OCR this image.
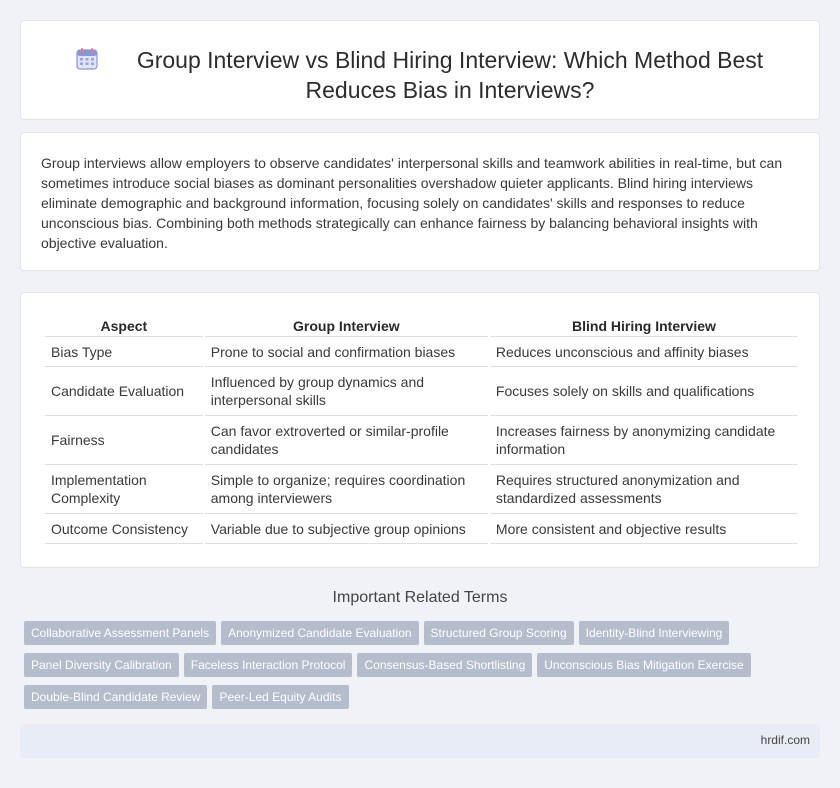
Group Interview vs Blind Hiring Interview: Which Method Best Reduces Bias in Interviews?

Group interviews allow employers to observe candidates' interpersonal skills and teamwork abilities in real-time, but can sometimes introduce social biases as dominant personalities overshadow quieter applicants. Blind hiring interviews eliminate demographic and background information, focusing solely on candidates' skills and responses to reduce unconscious bias. Combining both methods strategically can enhance fairness by balancing behavioral insights with objective evaluation.

Aspect	Group Interview	Blind Hiring Interview
Bias Type	Prone to social and confirmation biases	Reduces unconscious and affinity biases
Candidate Evaluation	Influenced by group dynamics and interpersonal skills	Focuses solely on skills and qualifications
Fairness	Can favor extroverted or similar-profile candidates	Increases fairness by anonymizing candidate information
Implementation Complexity	Simple to organize; requires coordination among interviewers	Requires structured anonymization and standardized assessments
Outcome Consistency	Variable due to subjective group opinions	More consistent and objective results
Important Related Terms
Collaborative Assessment Panels Anonymized Candidate Evaluation Structured Group Scoring Identity-Blind Interviewing
Panel Diversity Calibration Faceless Interaction Protocol Consensus-Based Shortlisting Unconscious Bias Mitigation Exercise
Double-Blind Candidate Review Peer-Led Equity Audits
hrdif.com
